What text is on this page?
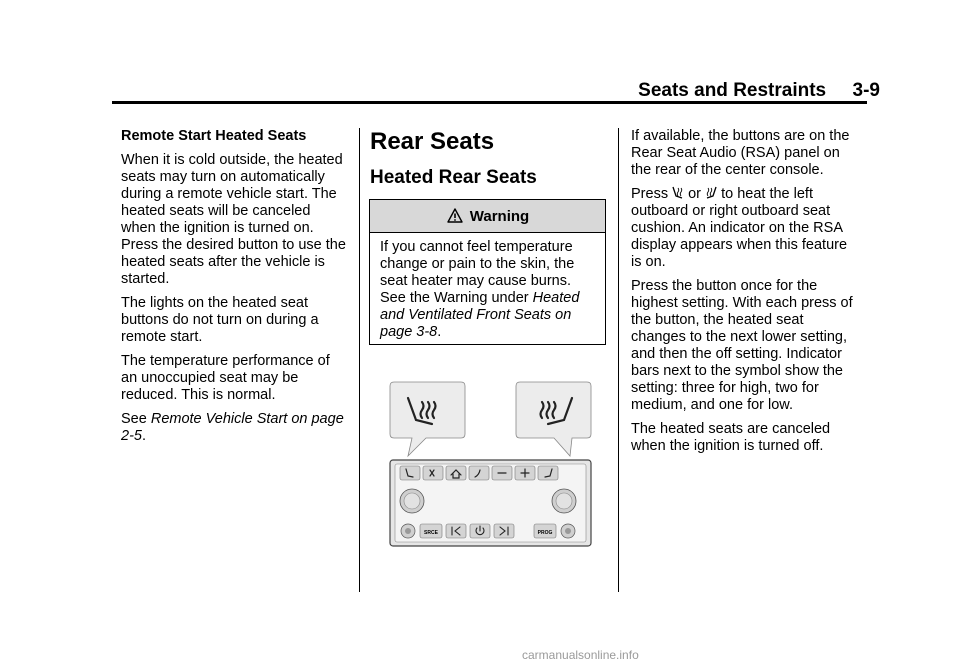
Seats and Restraints 3-9

Remote Start Heated Seats

When it is cold outside, the heated seats may turn on automatically during a remote vehicle start. The heated seats will be canceled when the ignition is turned on. Press the desired button to use the heated seats after the vehicle is started.

The lights on the heated seat buttons do not turn on during a remote start.

The temperature performance of an unoccupied seat may be reduced. This is normal.

See Remote Vehicle Start on page 2-5.

Rear Seats
Heated Rear Seats
Warning
If you cannot feel temperature change or pain to the skin, the seat heater may cause burns. See the Warning under Heated and Ventilated Front Seats on page 3-8.
SRCE	PROG

If available, the buttons are on the Rear Seat Audio (RSA) panel on the rear of the center console.

Press  or  to heat the left outboard or right outboard seat cushion. An indicator on the RSA display appears when this feature is on.

Press the button once for the highest setting. With each press of the button, the heated seat changes to the next lower setting, and then the off setting. Indicator bars next to the symbol show the setting: three for high, two for medium, and one for low.

The heated seats are canceled when the ignition is turned off.

carmanualsonline.info
